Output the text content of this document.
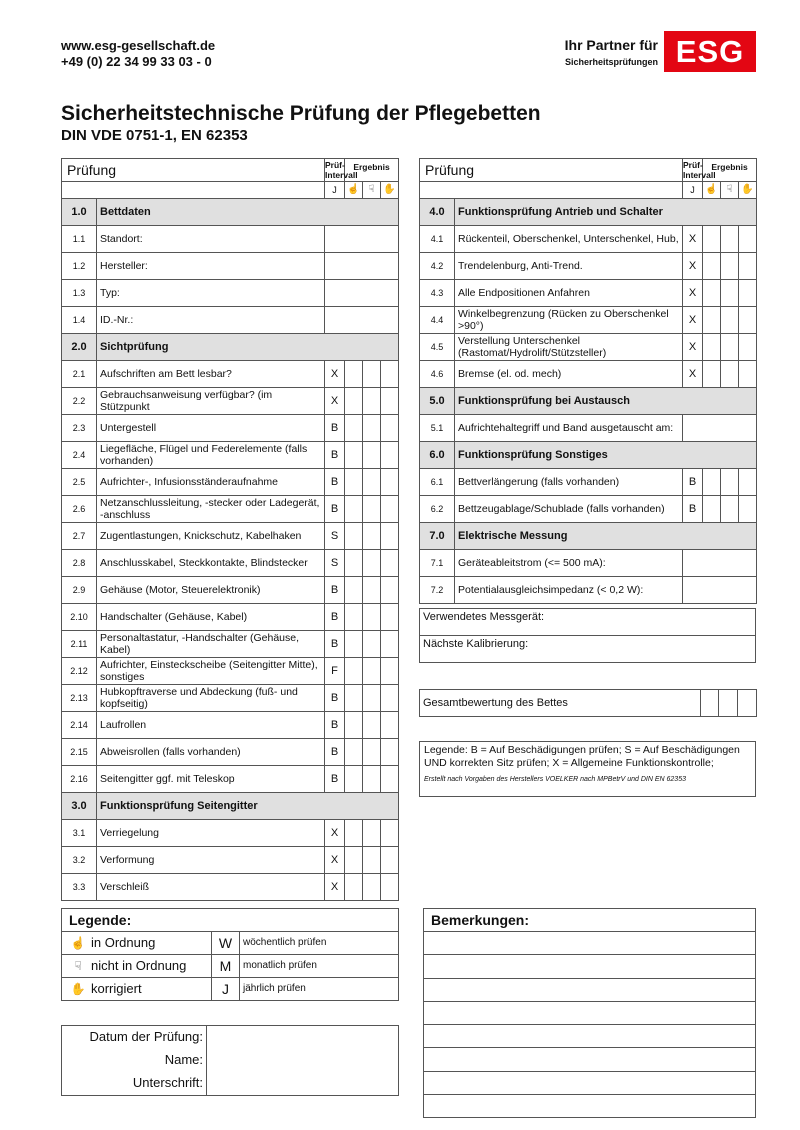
www.esg-gesellschaft.de
+49 (0) 22 34 99 33 03 - 0
Ihr Partner für
Sicherheitsprüfungen ESG
Sicherheitstechnische Prüfung der Pflegebetten
DIN VDE 0751-1, EN 62353
Prüfung		Prüf-Intervall	Ergebnis		
		J	☝	☟	✋
1.0	Bettdaten				
1.1	Standort:				
1.2	Hersteller:				
1.3	Typ:				
1.4	ID.-Nr.:				
2.0	Sichtprüfung				
2.1	Aufschriften am Bett lesbar?	X			
2.2	Gebrauchsanweisung verfügbar? (im Stützpunkt	X			
2.3	Untergestell	B			
2.4	Liegefläche, Flügel und Federelemente (falls vorhanden)	B			
2.5	Aufrichter-, Infusionsständeraufnahme	B			
2.6	Netzanschlussleitung, -stecker oder Ladegerät, -anschluss	B			
2.7	Zugentlastungen, Knickschutz, Kabelhaken	S			
2.8	Anschlusskabel, Steckkontakte, Blindstecker	S			
2.9	Gehäuse (Motor, Steuerelektronik)	B			
2.10	Handschalter (Gehäuse, Kabel)	B			
2.11	Personaltastatur, -Handschalter (Gehäuse, Kabel)	B			
2.12	Aufrichter, Einsteckscheibe (Seitengitter Mitte), sonstiges	F			
2.13	Hubkopftraverse und Abdeckung (fuß- und kopfseitig)	B			
2.14	Laufrollen	B			
2.15	Abweisrollen (falls vorhanden)	B			
2.16	Seitengitter ggf. mit Teleskop	B			
3.0	Funktionsprüfung Seitengitter				
3.1	Verriegelung	X			
3.2	Verformung	X			
3.3	Verschleiß	X			
Prüfung		Prüf-Intervall	Ergebnis		
		J	☝	☟	✋
4.0	Funktionsprüfung Antrieb und Schalter				
4.1	Rückenteil, Oberschenkel, Unterschenkel, Hub,	X			
4.2	Trendelenburg, Anti-Trend.	X			
4.3	Alle Endpositionen Anfahren	X			
4.4	Winkelbegrenzung (Rücken zu Oberschenkel >90°)	X			
4.5	Verstellung Unterschenkel (Rastomat/Hydrolift/Stützsteller)	X			
4.6	Bremse (el. od. mech)	X			
5.0	Funktionsprüfung bei Austausch				
5.1	Aufrichtehaltegriff und Band ausgetauscht am:				
6.0	Funktionsprüfung Sonstiges				
6.1	Bettverlängerung (falls vorhanden)	B			
6.2	Bettzeugablage/Schublade (falls vorhanden)	B			
7.0	Elektrische Messung				
7.1	Geräteableitstrom (<= 500 mA):				
7.2	Potentialausgleichsimpedanz (< 0,2 W):				
Verwendetes Messgerät:
Nächste Kalibrierung:
Gesamtbewertung des Bettes			
Legende: B = Auf Beschädigungen prüfen; S = Auf Beschädigungen UND korrekten Sitz prüfen; X = Allgemeine Funktionskontrolle;
Erstellt nach Vorgaben des Herstellers VOELKER nach MPBetrV und DIN EN 62353
Legende:		
☝ in Ordnung	W	wöchentlich prüfen
☟ nicht in Ordnung	M	monatlich prüfen
✋ korrigiert	J	jährlich prüfen
Bemerkungen:

Datum der Prüfung:	
Name:	
Unterschrift:	
